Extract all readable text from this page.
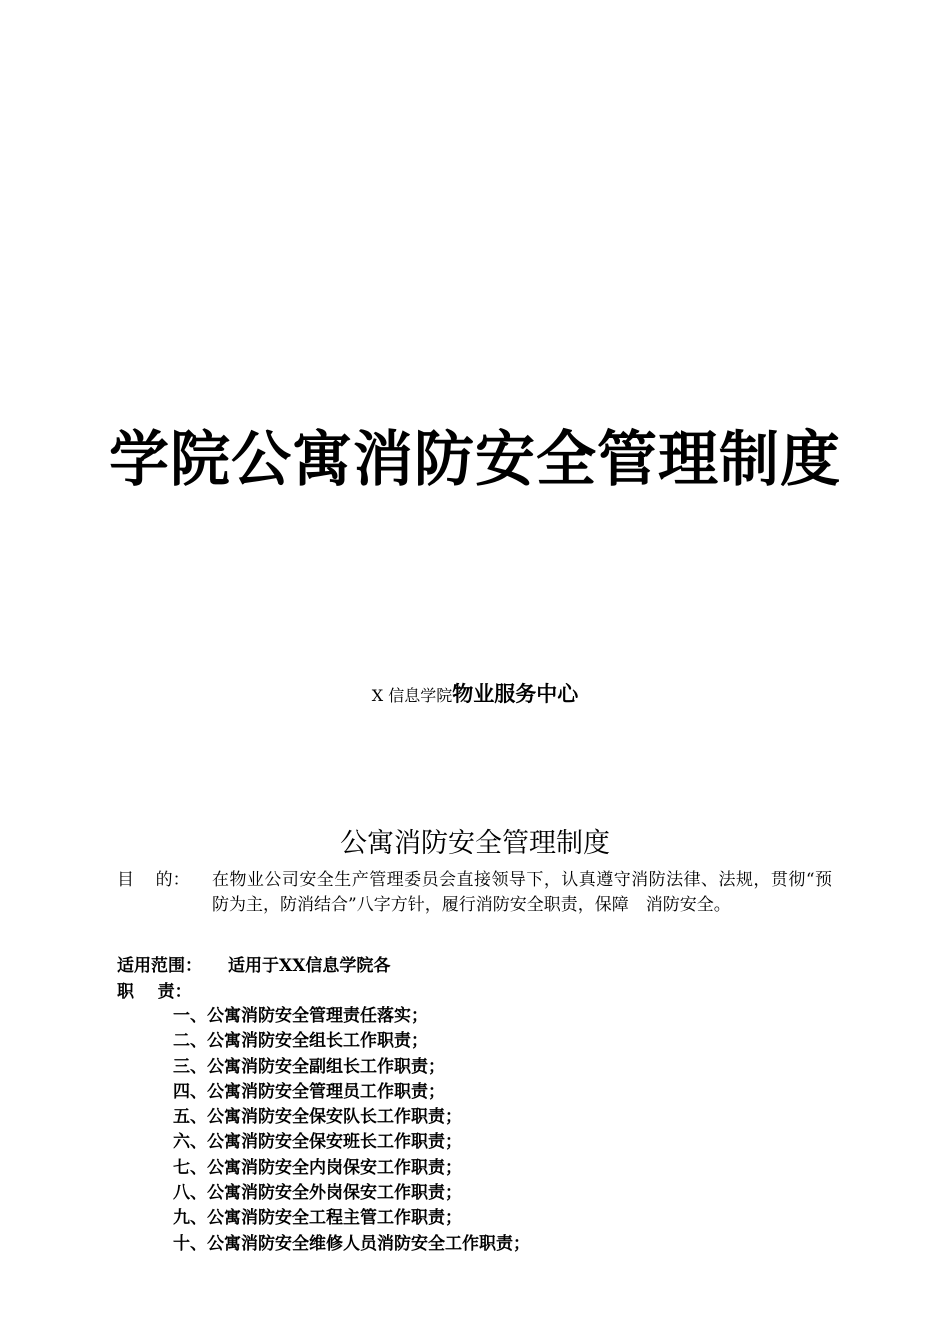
学院公寓消防安全管理制度
X 信息学院物业服务中心
公寓消防安全管理制度
目    的：	在物业公司安全生产管理委员会直接领导下，认真遵守消防法律、法规，贯彻“预防为主，防消结合”八字方针，履行消防安全职责，保障　消防安全。
适用范围： 适用于XX信息学院各
职    责：
一、公寓消防安全管理责任落实；
二、公寓消防安全组长工作职责；
三、公寓消防安全副组长工作职责；
四、公寓消防安全管理员工作职责；
五、公寓消防安全保安队长工作职责；
六、公寓消防安全保安班长工作职责；
七、公寓消防安全内岗保安工作职责；
八、公寓消防安全外岗保安工作职责；
九、公寓消防安全工程主管工作职责；
十、公寓消防安全维修人员消防安全工作职责；
